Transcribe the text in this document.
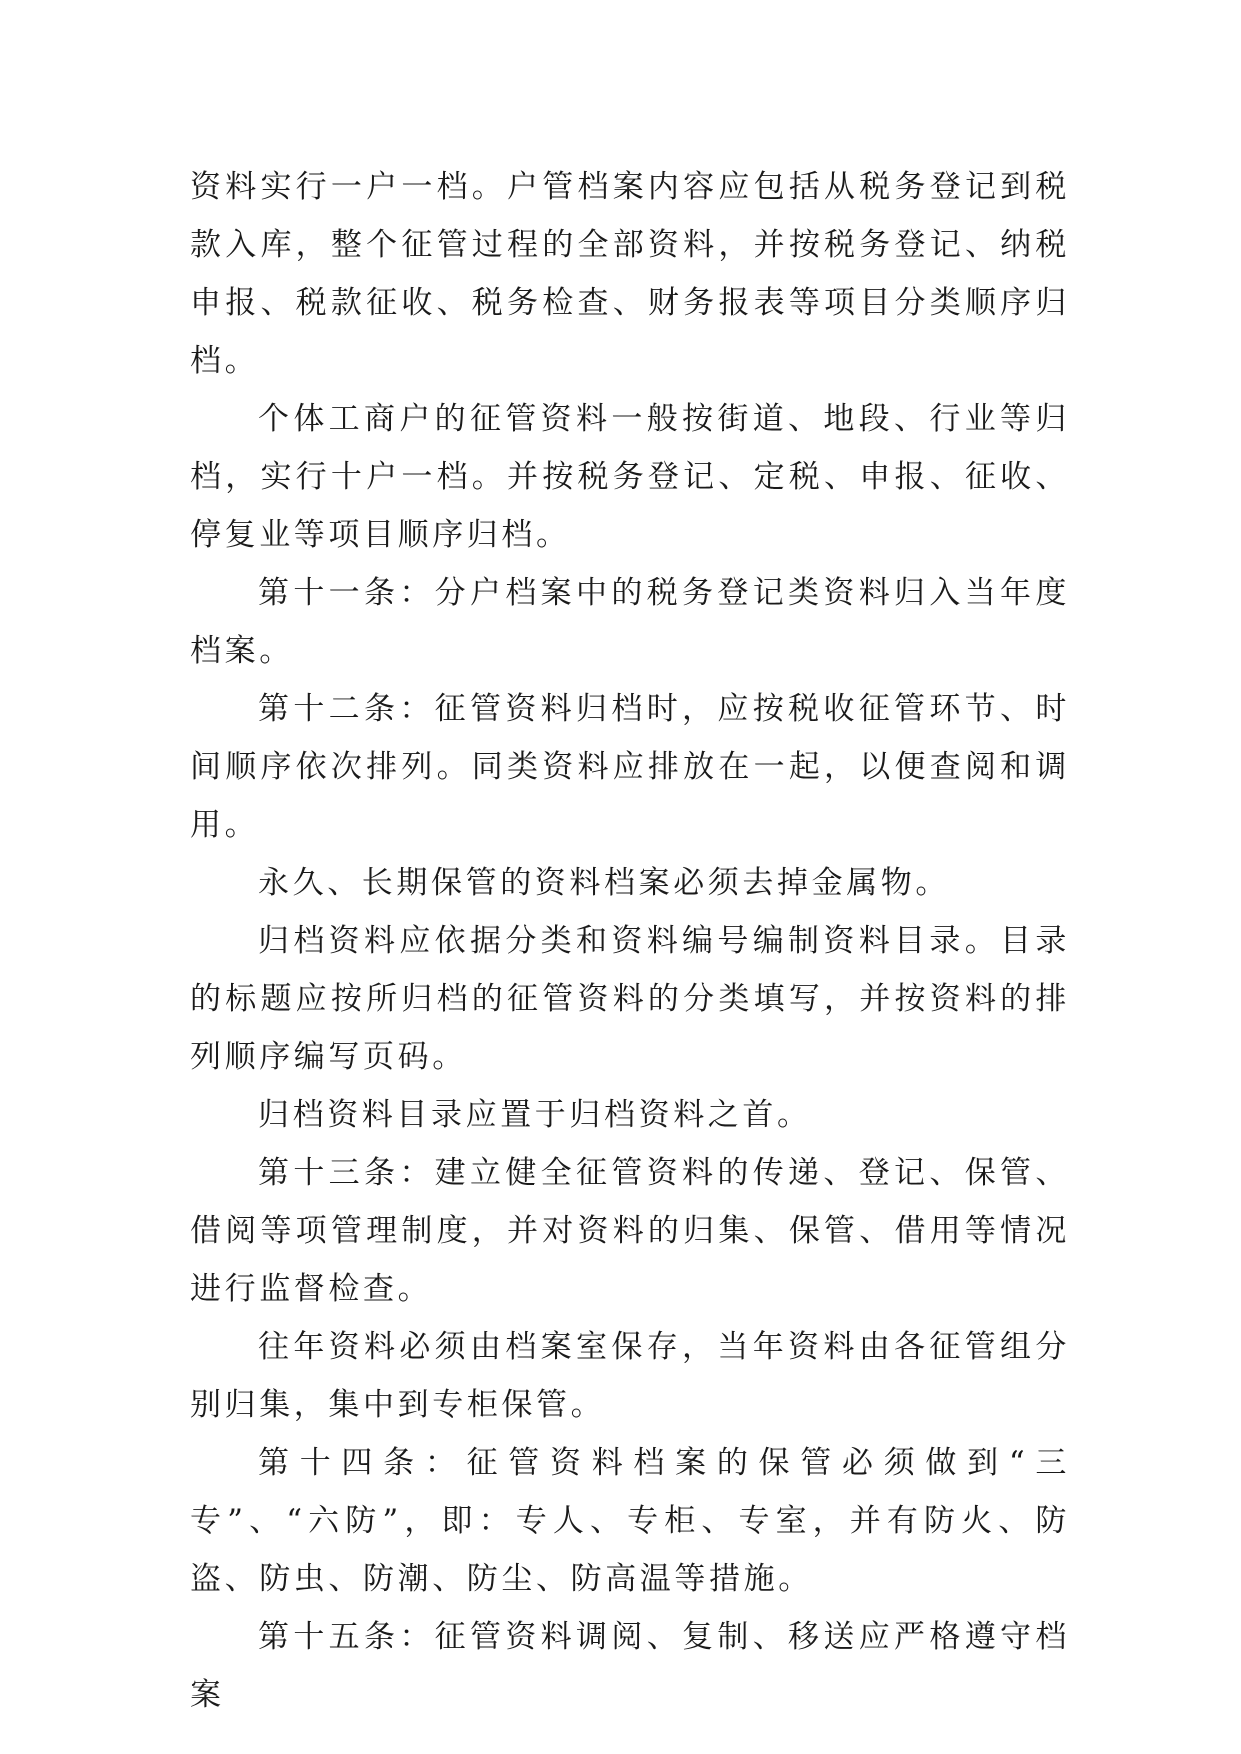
资料实行一户一档。户管档案内容应包括从税务登记到税款入库，整个征管过程的全部资料，并按税务登记、纳税申报、税款征收、税务检查、财务报表等项目分类顺序归档。

个体工商户的征管资料一般按街道、地段、行业等归档，实行十户一档。并按税务登记、定税、申报、征收、停复业等项目顺序归档。

第十一条：分户档案中的税务登记类资料归入当年度档案。

第十二条：征管资料归档时，应按税收征管环节、时间顺序依次排列。同类资料应排放在一起，以便查阅和调用。

永久、长期保管的资料档案必须去掉金属物。

归档资料应依据分类和资料编号编制资料目录。目录的标题应按所归档的征管资料的分类填写，并按资料的排列顺序编写页码。

归档资料目录应置于归档资料之首。

第十三条：建立健全征管资料的传递、登记、保管、借阅等项管理制度，并对资料的归集、保管、借用等情况进行监督检查。

往年资料必须由档案室保存，当年资料由各征管组分别归集，集中到专柜保管。

第十四条：征管资料档案的保管必须做到“三专”、“六防”，即：专人、专柜、专室，并有防火、防盗、防虫、防潮、防尘、防高温等措施。

第十五条：征管资料调阅、复制、移送应严格遵守档案
